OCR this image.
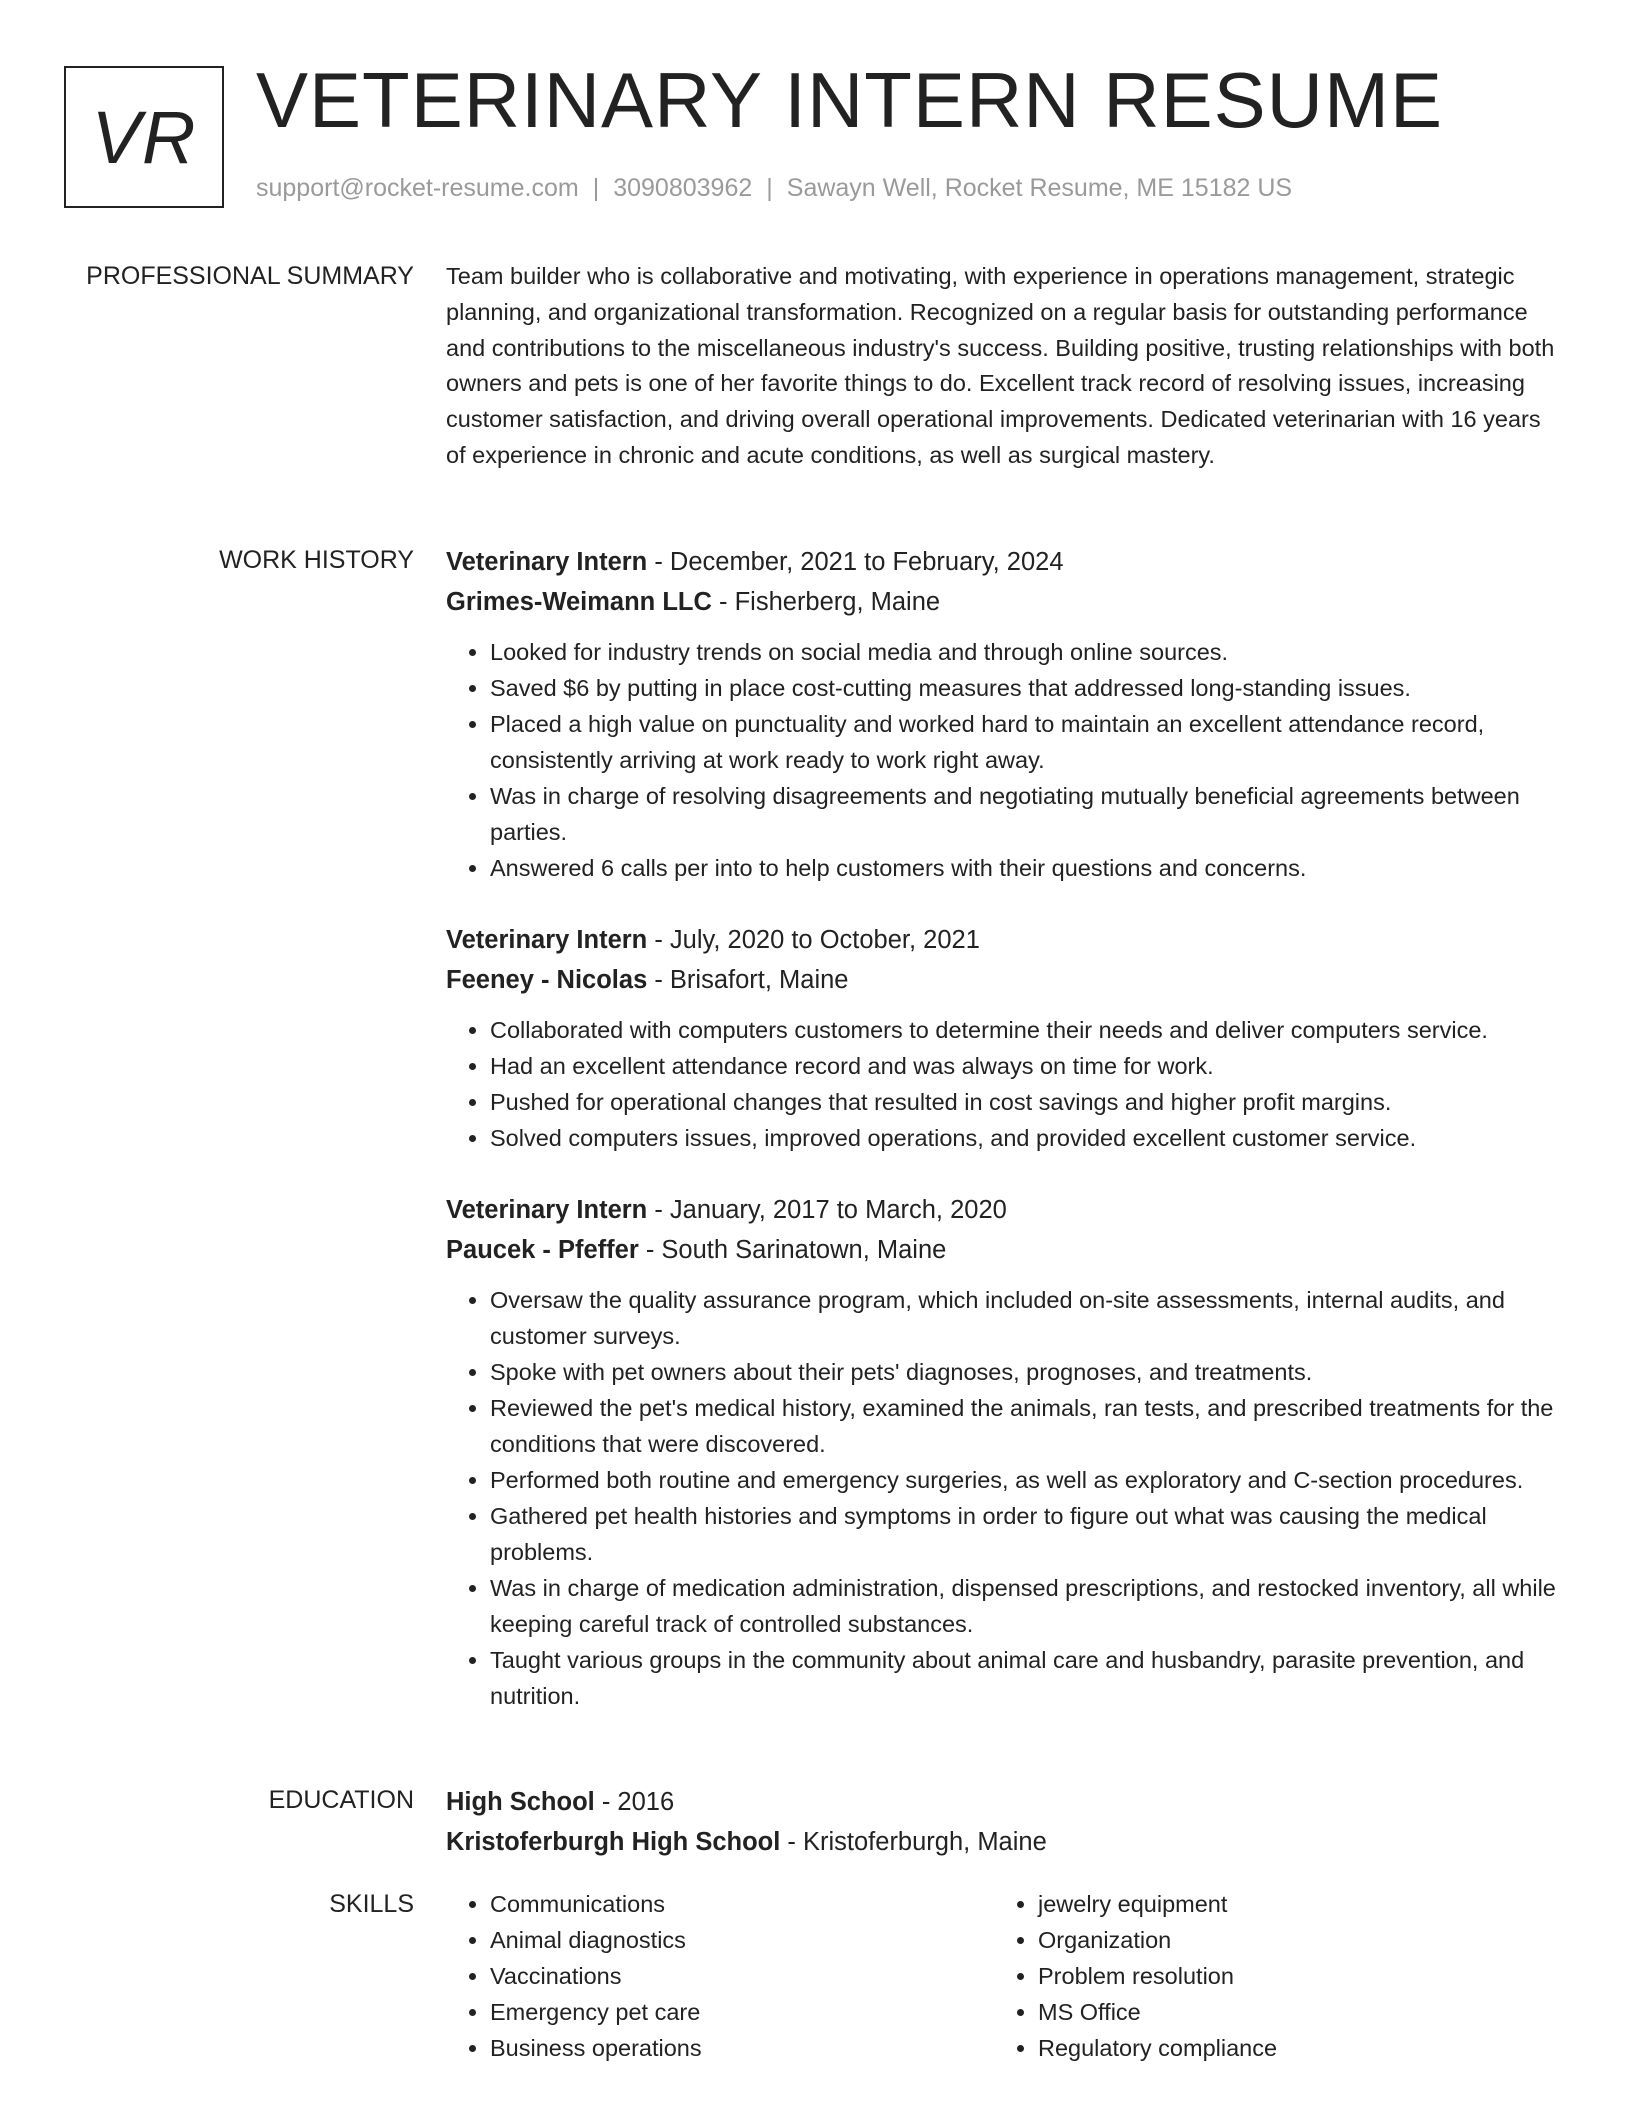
VR VETERINARY INTERN RESUME
support@rocket-resume.com | 3090803962 | Sawayn Well, Rocket Resume, ME 15182 US
PROFESSIONAL SUMMARY Team builder who is collaborative and motivating, with experience in operations management, strategic planning, and organizational transformation. Recognized on a regular basis for outstanding performance and contributions to the miscellaneous industry's success. Building positive, trusting relationships with both owners and pets is one of her favorite things to do. Excellent track record of resolving issues, increasing customer satisfaction, and driving overall operational improvements. Dedicated veterinarian with 16 years of experience in chronic and acute conditions, as well as surgical mastery.

WORK HISTORY Veterinary Intern - December, 2021 to February, 2024
Grimes-Weimann LLC - Fisherberg, Maine
• Looked for industry trends on social media and through online sources.
• Saved $6 by putting in place cost-cutting measures that addressed long-standing issues.
• Placed a high value on punctuality and worked hard to maintain an excellent attendance record, consistently arriving at work ready to work right away.
• Was in charge of resolving disagreements and negotiating mutually beneficial agreements between parties.
• Answered 6 calls per into to help customers with their questions and concerns.
Veterinary Intern - July, 2020 to October, 2021
Feeney - Nicolas - Brisafort, Maine
• Collaborated with computers customers to determine their needs and deliver computers service.
• Had an excellent attendance record and was always on time for work.
• Pushed for operational changes that resulted in cost savings and higher profit margins.
• Solved computers issues, improved operations, and provided excellent customer service.
Veterinary Intern - January, 2017 to March, 2020
Paucek - Pfeffer - South Sarinatown, Maine
• Oversaw the quality assurance program, which included on-site assessments, internal audits, and customer surveys.
• Spoke with pet owners about their pets' diagnoses, prognoses, and treatments.
• Reviewed the pet's medical history, examined the animals, ran tests, and prescribed treatments for the conditions that were discovered.
• Performed both routine and emergency surgeries, as well as exploratory and C-section procedures.
• Gathered pet health histories and symptoms in order to figure out what was causing the medical problems.
• Was in charge of medication administration, dispensed prescriptions, and restocked inventory, all while keeping careful track of controlled substances.
• Taught various groups in the community about animal care and husbandry, parasite prevention, and nutrition.
EDUCATION High School - 2016
Kristoferburgh High School - Kristoferburgh, Maine
SKILLS
•	Communications
• Animal diagnostics
• Vaccinations
• Emergency pet care
• Business operations
• jewelry equipment
• Organization
• Problem resolution
• MS Office
• Regulatory compliance
